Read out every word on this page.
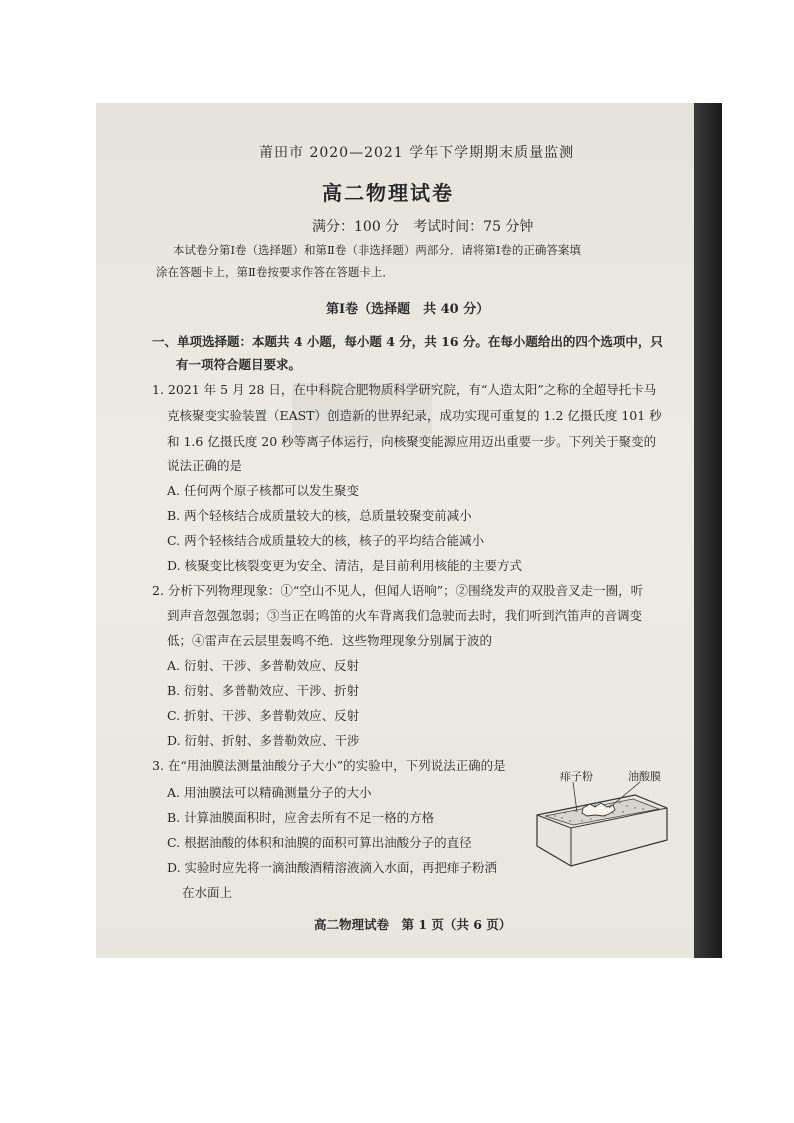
莆田市 2020—2021 学年下学期期末质量监测
高二物理试卷
满分：100 分　考试时间：75 分钟
本试卷分第Ⅰ卷（选择题）和第Ⅱ卷（非选择题）两部分．请将第Ⅰ卷的正确答案填
涂在答题卡上，第Ⅱ卷按要求作答在答题卡上．
第Ⅰ卷（选择题　共 40 分）
一、单项选择题：本题共 4 小题，每小题 4 分，共 16 分。在每小题给出的四个选项中，只
有一项符合题目要求。
1. 2021 年 5 月 28 日，在中科院合肥物质科学研究院，有“人造太阳”之称的全超导托卡马
克核聚变实验装置（EAST）创造新的世界纪录，成功实现可重复的 1.2 亿摄氏度 101 秒
和 1.6 亿摄氏度 20 秒等离子体运行，向核聚变能源应用迈出重要一步。下列关于聚变的
说法正确的是
A. 任何两个原子核都可以发生聚变
B. 两个轻核结合成质量较大的核，总质量较聚变前减小
C. 两个轻核结合成质量较大的核，核子的平均结合能减小
D. 核聚变比核裂变更为安全、清洁，是目前利用核能的主要方式
2. 分析下列物理现象：①“空山不见人，但闻人语响”；②围绕发声的双股音叉走一圈，听
到声音忽强忽弱；③当正在鸣笛的火车背离我们急驶而去时，我们听到汽笛声的音调变
低；④雷声在云层里轰鸣不绝．这些物理现象分别属于波的
A. 衍射、干涉、多普勒效应、反射
B. 衍射、多普勒效应、干涉、折射
C. 折射、干涉、多普勒效应、反射
D. 衍射、折射、多普勒效应、干涉
3. 在“用油膜法测量油酸分子大小”的实验中，下列说法正确的是
A. 用油膜法可以精确测量分子的大小
B. 计算油膜面积时，应舍去所有不足一格的方格
C. 根据油酸的体积和油膜的面积可算出油酸分子的直径
D. 实验时应先将一滴油酸酒精溶液滴入水面，再把痱子粉洒
在水面上
高二物理试卷　第 1 页（共 6 页）
痱子粉	油酸膜
